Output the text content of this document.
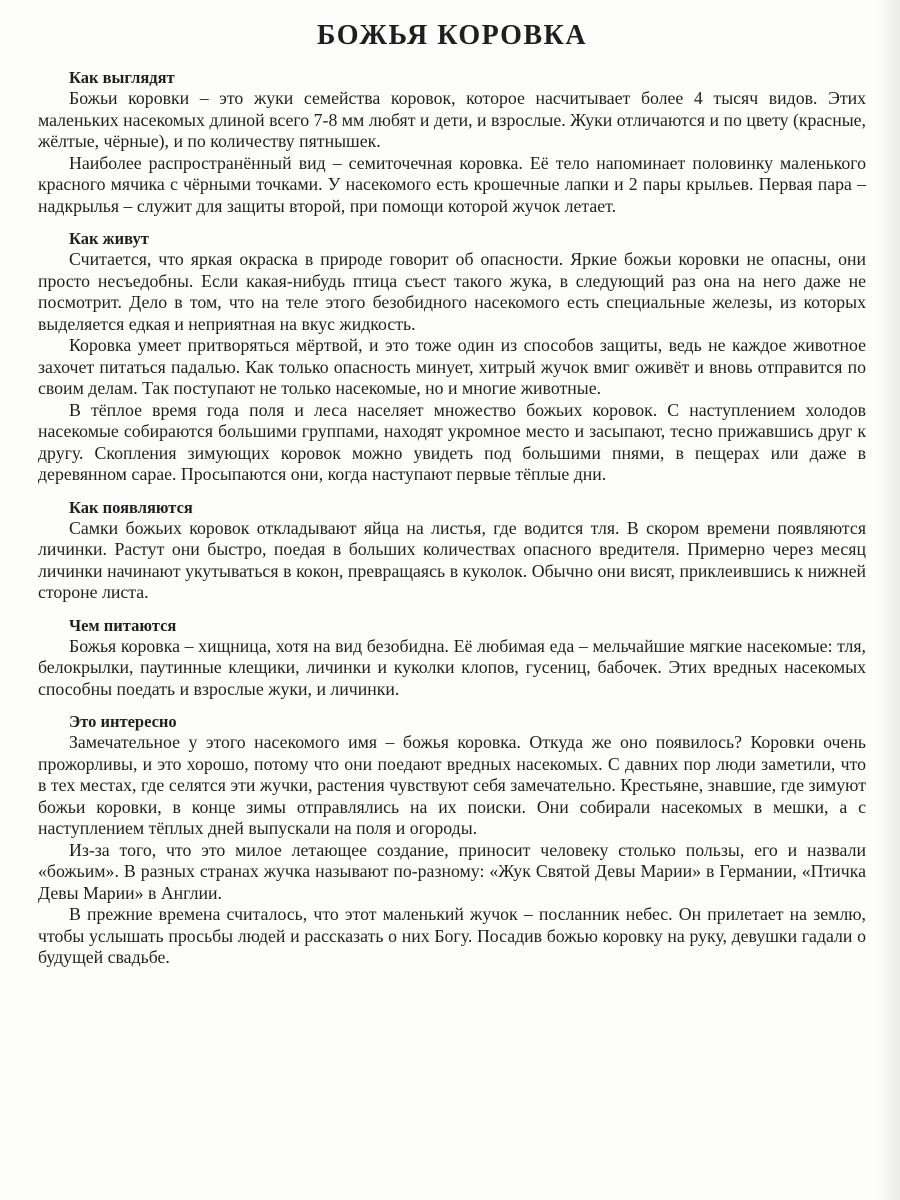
БОЖЬЯ КОРОВКА
Как выглядят

Божьи коровки – это жуки семейства коровок, которое насчитывает более 4 тысяч видов. Этих маленьких насекомых длиной всего 7-8 мм любят и дети, и взрослые. Жуки отличаются и по цвету (красные, жёлтые, чёрные), и по количеству пятнышек.

Наиболее распространённый вид – семиточечная коровка. Её тело напоминает половинку маленького красного мячика с чёрными точками. У насекомого есть крошечные лапки и 2 пары крыльев. Первая пара – надкрылья – служит для защиты второй, при помощи которой жучок летает.

Как живут

Считается, что яркая окраска в природе говорит об опасности. Яркие божьи коровки не опасны, они просто несъедобны. Если какая-нибудь птица съест такого жука, в следующий раз она на него даже не посмотрит. Дело в том, что на теле этого безобидного насекомого есть специальные железы, из которых выделяется едкая и неприятная на вкус жидкость.

Коровка умеет притворяться мёртвой, и это тоже один из способов защиты, ведь не каждое животное захочет питаться падалью. Как только опасность минует, хитрый жучок вмиг оживёт и вновь отправится по своим делам. Так поступают не только насекомые, но и многие животные.

В тёплое время года поля и леса населяет множество божьих коровок. С наступлением холодов насекомые собираются большими группами, находят укромное место и засыпают, тесно прижавшись друг к другу. Скопления зимующих коровок можно увидеть под большими пнями, в пещерах или даже в деревянном сарае. Просыпаются они, когда наступают первые тёплые дни.

Как появляются

Самки божьих коровок откладывают яйца на листья, где водится тля. В скором времени появляются личинки. Растут они быстро, поедая в больших количествах опасного вредителя. Примерно через месяц личинки начинают укутываться в кокон, превращаясь в куколок. Обычно они висят, приклеившись к нижней стороне листа.

Чем питаются

Божья коровка – хищница, хотя на вид безобидна. Её любимая еда – мельчайшие мягкие насекомые: тля, белокрылки, паутинные клещики, личинки и куколки клопов, гусениц, бабочек. Этих вредных насекомых способны поедать и взрослые жуки, и личинки.

Это интересно

Замечательное у этого насекомого имя – божья коровка. Откуда же оно появилось? Коровки очень прожорливы, и это хорошо, потому что они поедают вредных насекомых. С давних пор люди заметили, что в тех местах, где селятся эти жучки, растения чувствуют себя замечательно. Крестьяне, знавшие, где зимуют божьи коровки, в конце зимы отправлялись на их поиски. Они собирали насекомых в мешки, а с наступлением тёплых дней выпускали на поля и огороды.

Из-за того, что это милое летающее создание, приносит человеку столько пользы, его и назвали «божьим». В разных странах жучка называют по-разному: «Жук Святой Девы Марии» в Германии, «Птичка Девы Марии» в Англии.

В прежние времена считалось, что этот маленький жучок – посланник небес. Он прилетает на землю, чтобы услышать просьбы людей и рассказать о них Богу. Посадив божью коровку на руку, девушки гадали о будущей свадьбе.
